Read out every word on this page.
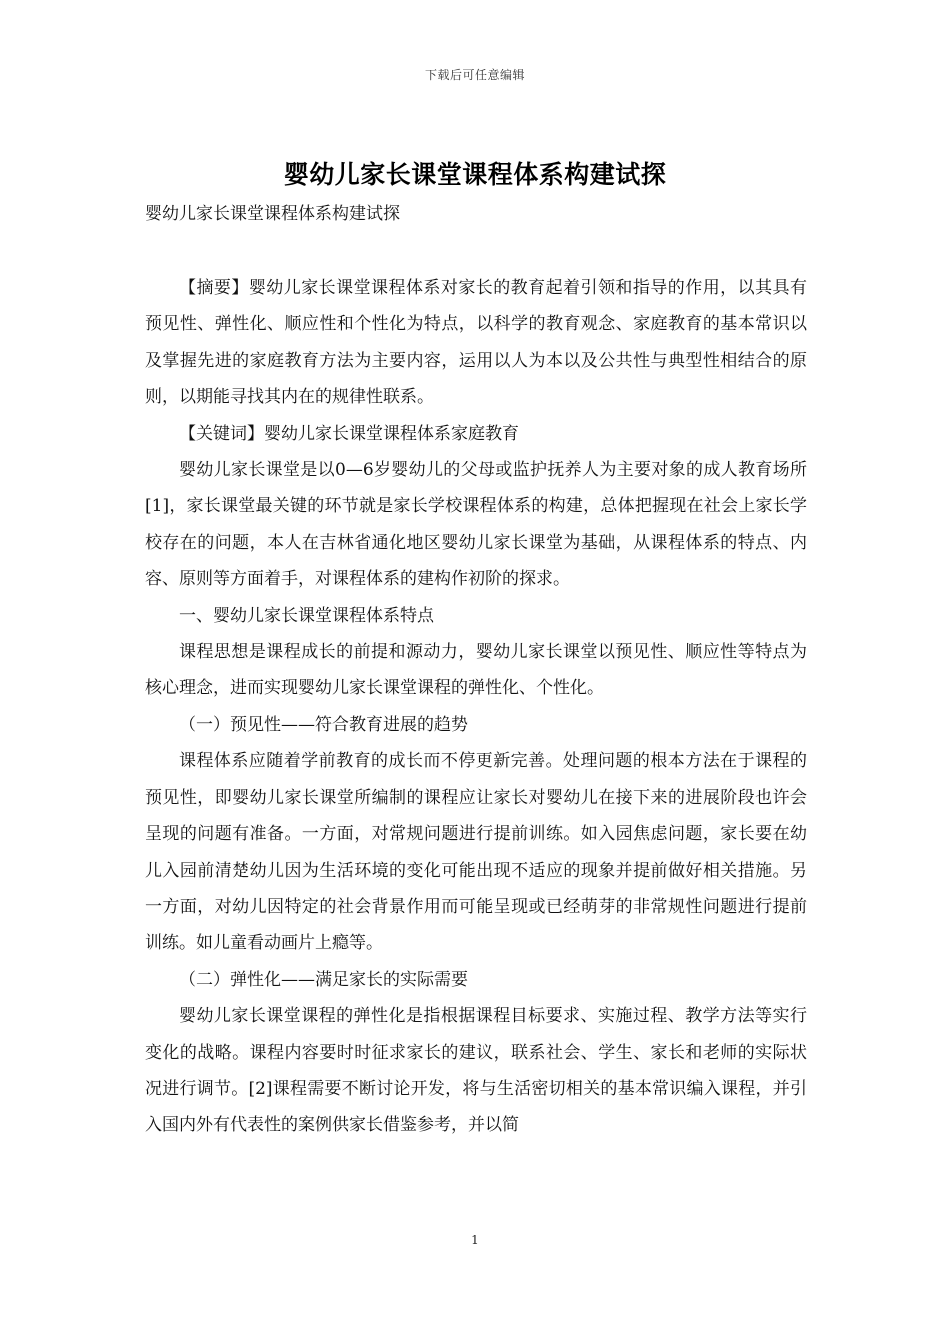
下载后可任意编辑
婴幼儿家长课堂课程体系构建试探
婴幼儿家长课堂课程体系构建试探

【摘要】婴幼儿家长课堂课程体系对家长的教育起着引领和指导的作用，以其具有预见性、弹性化、顺应性和个性化为特点，以科学的教育观念、家庭教育的基本常识以及掌握先进的家庭教育方法为主要内容，运用以人为本以及公共性与典型性相结合的原则，以期能寻找其内在的规律性联系。

【关键词】婴幼儿家长课堂课程体系家庭教育

婴幼儿家长课堂是以0—6岁婴幼儿的父母或监护抚养人为主要对象的成人教育场所[1]，家长课堂最关键的环节就是家长学校课程体系的构建，总体把握现在社会上家长学校存在的问题，本人在吉林省通化地区婴幼儿家长课堂为基础，从课程体系的特点、内容、原则等方面着手，对课程体系的建构作初阶的探求。

一、婴幼儿家长课堂课程体系特点

课程思想是课程成长的前提和源动力，婴幼儿家长课堂以预见性、顺应性等特点为核心理念，进而实现婴幼儿家长课堂课程的弹性化、个性化。

（一）预见性——符合教育进展的趋势

课程体系应随着学前教育的成长而不停更新完善。处理问题的根本方法在于课程的预见性，即婴幼儿家长课堂所编制的课程应让家长对婴幼儿在接下来的进展阶段也许会呈现的问题有准备。一方面，对常规问题进行提前训练。如入园焦虑问题，家长要在幼儿入园前清楚幼儿因为生活环境的变化可能出现不适应的现象并提前做好相关措施。另一方面，对幼儿因特定的社会背景作用而可能呈现或已经萌芽的非常规性问题进行提前训练。如儿童看动画片上瘾等。

（二）弹性化——满足家长的实际需要

婴幼儿家长课堂课程的弹性化是指根据课程目标要求、实施过程、教学方法等实行变化的战略。课程内容要时时征求家长的建议，联系社会、学生、家长和老师的实际状况进行调节。[2]课程需要不断讨论开发，将与生活密切相关的基本常识编入课程，并引入国内外有代表性的案例供家长借鉴参考，并以简

1
